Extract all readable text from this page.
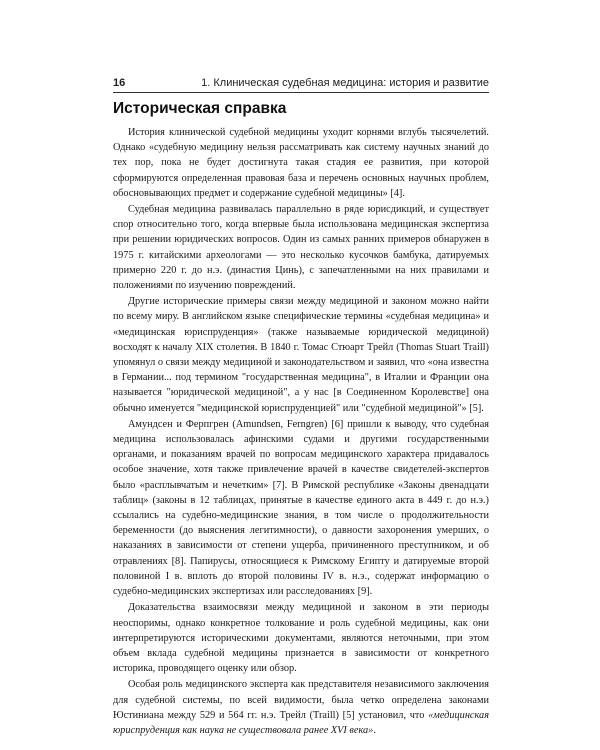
16	1. Клиническая судебная медицина: история и развитие
Историческая справка

История клинической судебной медицины уходит корнями вглубь тысячелетий. Однако «судебную медицину нельзя рассматривать как систему научных знаний до тех пор, пока не будет достигнута такая стадия ее развития, при которой сформируются определенная правовая база и перечень основных научных проблем, обосновывающих предмет и содержание судебной медицины» [4].

Судебная медицина развивалась параллельно в ряде юрисдикций, и существует спор относительно того, когда впервые была использована медицинская экспертиза при решении юридических вопросов. Один из самых ранних примеров обнаружен в 1975 г. китайскими археологами — это несколько кусочков бамбука, датируемых примерно 220 г. до н.э. (династия Цинь), с запечатленными на них правилами и положениями по изучению повреждений.

Другие исторические примеры связи между медициной и законом можно найти по всему миру. В английском языке специфические термины «судебная медицина» и «медицинская юриспруденция» (также называемые юридической медициной) восходят к началу XIX столетия. В 1840 г. Томас Стюарт Трейл (Thomas Stuart Traill) упомянул о связи между медициной и законодательством и заявил, что «она известна в Германии... под термином "государственная медицина", в Италии и Франции она называется "юридической медициной", а у нас [в Соединенном Королевстве] она обычно именуется "медицинской юриспруденцией" или "судебной медициной"» [5].

Амундсен и Ферпгрен (Amundsen, Ferngren) [6] пришли к выводу, что судебная медицина использовалась афинскими судами и другими государственными органами, и показаниям врачей по вопросам медицинского характера придавалось особое значение, хотя также привлечение врачей в качестве свидетелей-экспертов было «расплывчатым и нечетким» [7]. В Римской республике «Законы двенадцати таблиц» (законы в 12 таблицах, принятые в качестве единого акта в 449 г. до н.э.) ссылались на судебно-медицинские знания, в том числе о продолжительности беременности (до выяснения легитимности), о давности захоронения умерших, о наказаниях в зависимости от степени ущерба, причиненного преступником, и об отравлениях [8]. Папирусы, относящиеся к Римскому Египту и датируемые второй половиной I в. вплоть до второй половины IV в. н.э., содержат информацию о судебно-медицинских экспертизах или расследованиях [9].

Доказательства взаимосвязи между медициной и законом в эти периоды неоспоримы, однако конкретное толкование и роль судебной медицины, как они интерпретируются историческими документами, являются неточными, при этом объем вклада судебной медицины признается в зависимости от конкретного историка, проводящего оценку или обзор.

Особая роль медицинского эксперта как представителя независимого заключения для судебной системы, по всей видимости, была четко определена законами Юстиниана между 529 и 564 гг. н.э. Трейл (Traill) [5] установил, что «медицинская юриспруденция как наука не существовала ранее XVI века».
